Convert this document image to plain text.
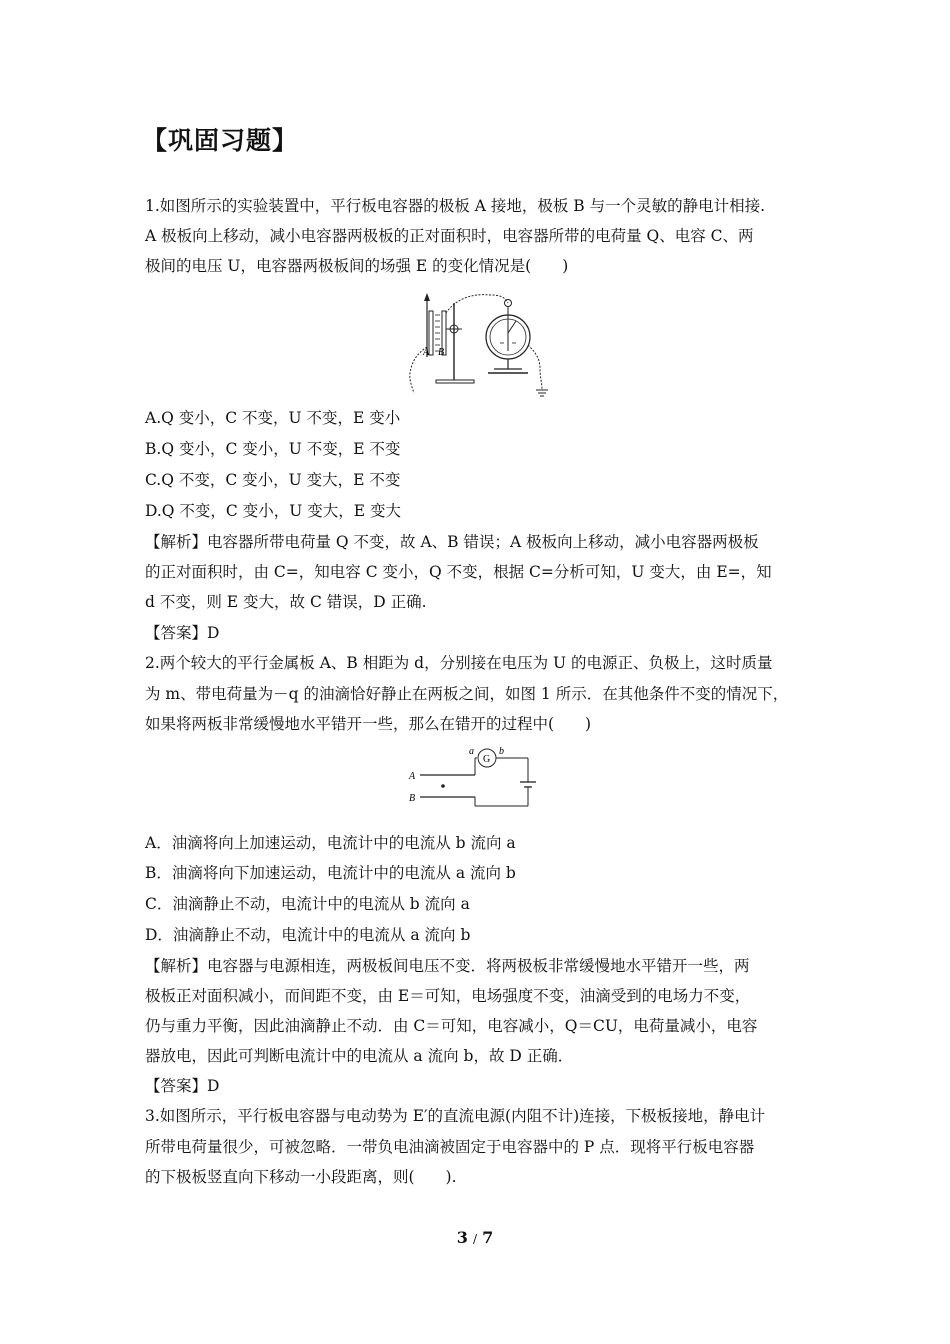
【巩固习题】
1.如图所示的实验装置中，平行板电容器的极板 A 接地，极板 B 与一个灵敏的静电计相接.
A 极板向上移动，减小电容器两极板的正对面积时，电容器所带的电荷量 Q、电容 C、两
极间的电压 U，电容器两极板间的场强 E 的变化情况是(　　)
A B
A.Q 变小，C 不变，U 不变，E 变小
B.Q 变小，C 变小，U 不变，E 不变
C.Q 不变，C 变小，U 变大，E 不变
D.Q 不变，C 变小，U 变大，E 变大
【解析】电容器所带电荷量 Q 不变，故 A、B 错误；A 极板向上移动，减小电容器两极板
的正对面积时，由 C=，知电容 C 变小，Q 不变，根据 C=分析可知，U 变大，由 E=，知
d 不变，则 E 变大，故 C 错误，D 正确.
【答案】D
2.两个较大的平行金属板 A、B 相距为 d，分别接在电压为 U 的电源正、负极上，这时质量
为 m、带电荷量为－q 的油滴恰好静止在两板之间，如图 1 所示．在其他条件不变的情况下，
如果将两板非常缓慢地水平错开一些，那么在错开的过程中(　　)
a
G
b
A
B
A．油滴将向上加速运动，电流计中的电流从 b 流向 a
B．油滴将向下加速运动，电流计中的电流从 a 流向 b
C．油滴静止不动，电流计中的电流从 b 流向 a
D．油滴静止不动，电流计中的电流从 a 流向 b
【解析】电容器与电源相连，两极板间电压不变．将两极板非常缓慢地水平错开一些，两
极板正对面积减小，而间距不变，由 E＝可知，电场强度不变，油滴受到的电场力不变，
仍与重力平衡，因此油滴静止不动．由 C＝可知，电容减小，Q＝CU，电荷量减小，电容
器放电，因此可判断电流计中的电流从 a 流向 b，故 D 正确．
【答案】D
3.如图所示，平行板电容器与电动势为 E′的直流电源(内阻不计)连接，下极板接地，静电计
所带电荷量很少，可被忽略．一带负电油滴被固定于电容器中的 P 点．现将平行板电容器
的下极板竖直向下移动一小段距离，则(　　).
3 / 7
